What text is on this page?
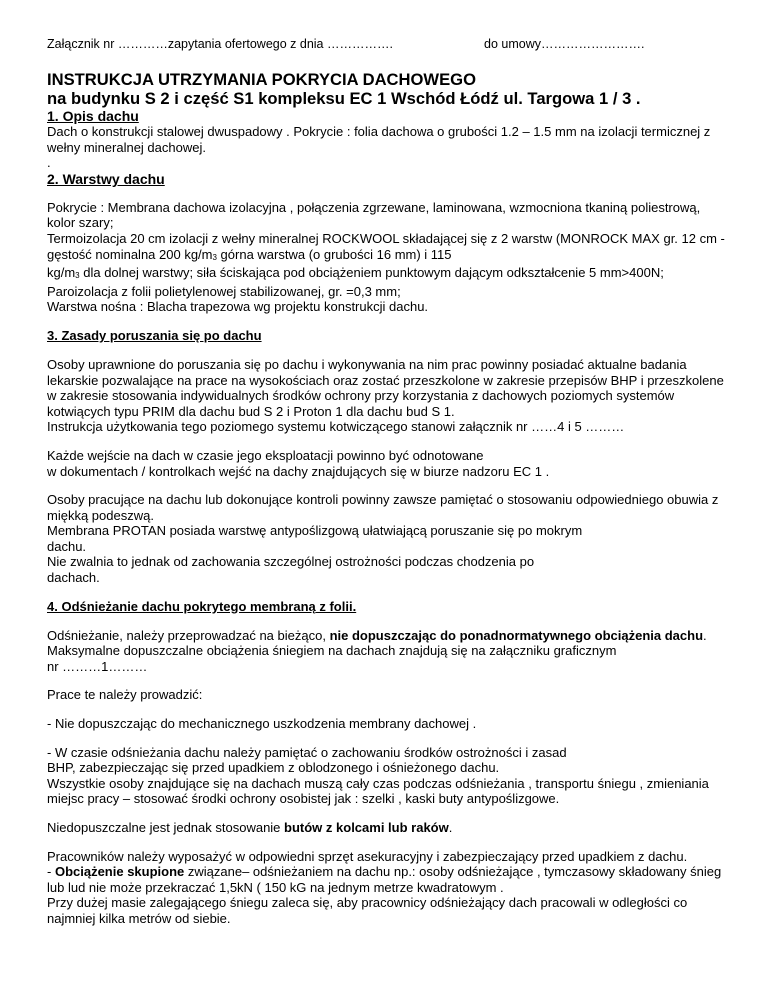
Załącznik nr …………zapytania ofertowego z dnia …………….	do umowy…………………….
INSTRUKCJA UTRZYMANIA POKRYCIA DACHOWEGO
na budynku S 2 i część S1 kompleksu EC 1 Wschód Łódź ul. Targowa 1 / 3 .
1. Opis dachu

Dach o konstrukcji stalowej dwuspadowy . Pokrycie : folia dachowa o grubości 1.2 – 1.5 mm na izolacji termicznej z wełny mineralnej dachowej.

.

2. Warstwy dachu

Pokrycie : Membrana dachowa izolacyjna , połączenia zgrzewane, laminowana, wzmocniona tkaniną poliestrową, kolor szary;

Termoizolacja 20 cm izolacji z wełny mineralnej ROCKWOOL składającej się z 2 warstw (MONROCK MAX gr. 12 cm - gęstość nominalna 200 $kg/m_3$ górna warstwa (o grubości 16 mm) i 115

$kg/m_3$ dla dolnej warstwy; siła ściskająca pod obciążeniem punktowym dającym odkształcenie 5 mm>400N;

Paroizolacja z folii polietylenowej stabilizowanej, gr. =0,3 mm;

Warstwa nośna : Blacha trapezowa wg projektu konstrukcji dachu.

3. Zasady poruszania się po dachu

Osoby uprawnione do poruszania się po dachu i wykonywania na nim prac powinny posiadać aktualne badania lekarskie pozwalające na prace na wysokościach oraz zostać przeszkolone w zakresie przepisów BHP i przeszkolene w zakresie stosowania indywidualnych środków ochrony przy korzystania z dachowych poziomych systemów kotwiących typu PRIM dla dachu bud S 2 i Proton 1 dla dachu bud S 1.

Instrukcja użytkowania tego poziomego systemu kotwiczącego stanowi załącznik nr ……4 i 5 ………

Każde wejście na dach w czasie jego eksploatacji powinno być odnotowane

w dokumentach / kontrolkach wejść na dachy znajdujących się w biurze nadzoru EC 1 .

Osoby pracujące na dachu lub dokonujące kontroli powinny zawsze pamiętać o stosowaniu odpowiedniego obuwia z miękką podeszwą.

Membrana PROTAN posiada warstwę antypoślizgową ułatwiającą poruszanie się po mokrym

dachu.

Nie zwalnia to jednak od zachowania szczególnej ostrożności podczas chodzenia po

dachach.

4. Odśnieżanie dachu pokrytego membraną z folii.

Odśnieżanie, należy przeprowadzać na bieżąco, nie dopuszczając do ponadnormatywnego obciążenia dachu.

Maksymalne dopuszczalne obciążenia śniegiem na dachach znajdują się na załączniku graficznym

nr ………1………

Prace te należy prowadzić:

- Nie dopuszczając do mechanicznego uszkodzenia membrany dachowej .

- W czasie odśnieżania dachu należy pamiętać o zachowaniu środków ostrożności i zasad

BHP, zabezpieczając się przed upadkiem z oblodzonego i ośnieżonego dachu.

Wszystkie osoby znajdujące się na dachach muszą cały czas podczas odśnieżania , transportu śniegu , zmieniania miejsc pracy – stosować środki ochrony osobistej jak : szelki , kaski buty antypoślizgowe.

Niedopuszczalne jest jednak stosowanie butów z kolcami lub raków.

Pracowników należy wyposażyć w odpowiedni sprzęt asekuracyjny i zabezpieczający przed upadkiem z dachu.

- Obciążenie skupione związane– odśnieżaniem na dachu np.: osoby odśnieżające , tymczasowy składowany śnieg lub lud nie może przekraczać 1,5kN ( 150 kG na jednym metrze kwadratowym .

Przy dużej masie zalegającego śniegu zaleca się, aby pracownicy odśnieżający dach pracowali w odległości co najmniej kilka metrów od siebie.
